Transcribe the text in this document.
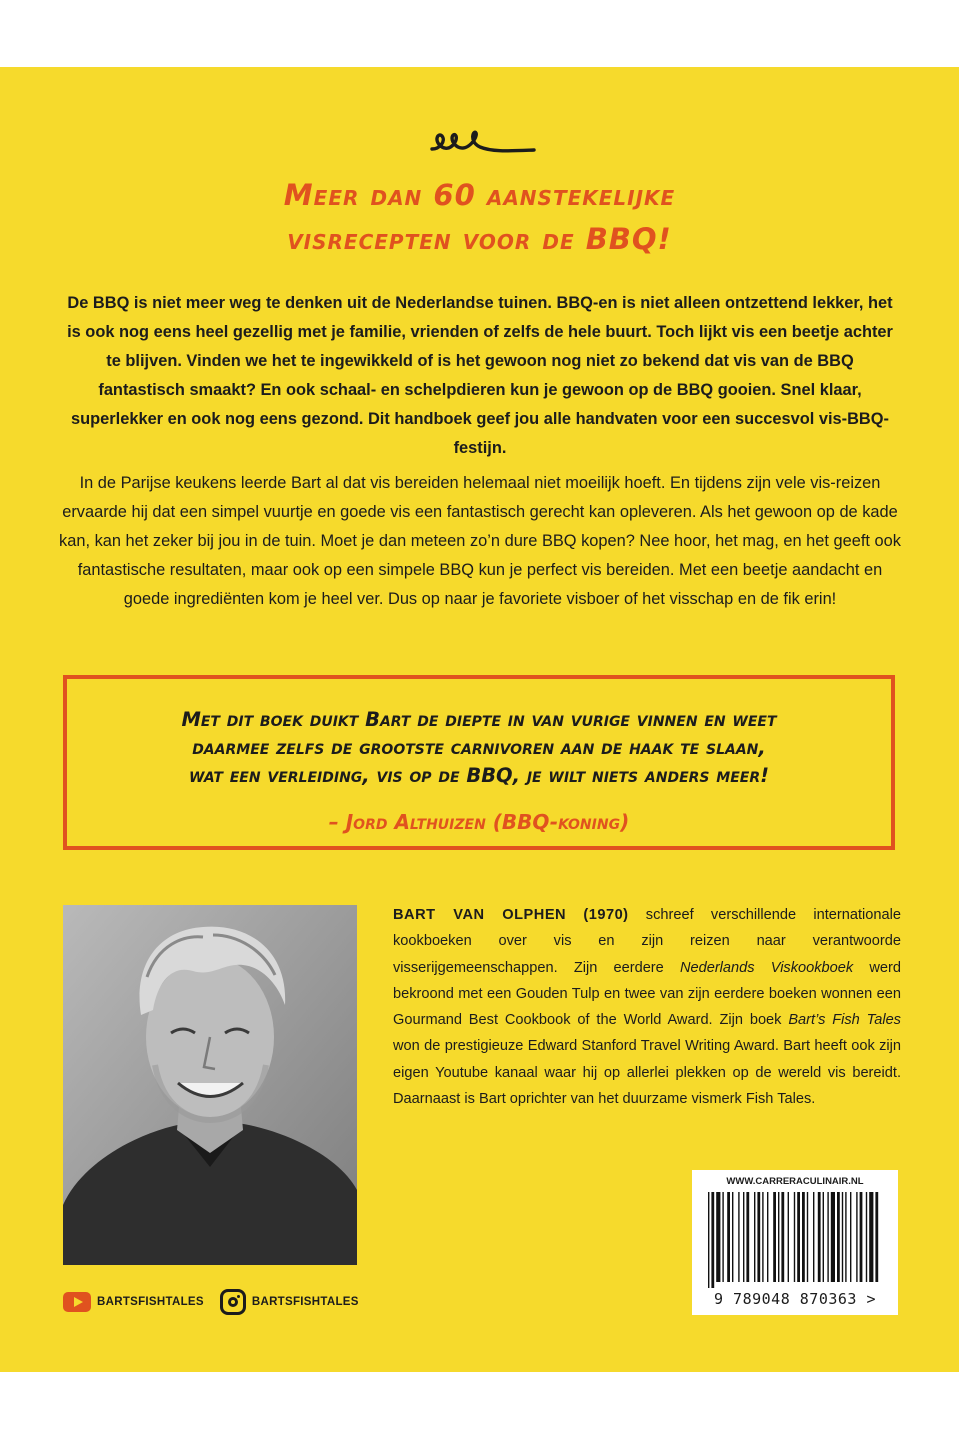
Meer dan 60 aanstekelijke
visrecepten voor de BBQ!

De BBQ is niet meer weg te denken uit de Nederlandse tuinen. BBQ-en is niet alleen ontzettend lekker, het is ook nog eens heel gezellig met je familie, vrienden of zelfs de hele buurt. Toch lijkt vis een beetje achter te blijven. Vinden we het te ingewikkeld of is het gewoon nog niet zo bekend dat vis van de BBQ fantastisch smaakt? En ook schaal- en schelpdieren kun je gewoon op de BBQ gooien. Snel klaar, superlekker en ook nog eens gezond. Dit handboek geef jou alle handvaten voor een succesvol vis-BBQ-festijn.

In de Parijse keukens leerde Bart al dat vis bereiden helemaal niet moeilijk hoeft. En tijdens zijn vele vis-reizen ervaarde hij dat een simpel vuurtje en goede vis een fantastisch gerecht kan opleveren. Als het gewoon op de kade kan, kan het zeker bij jou in de tuin. Moet je dan meteen zo’n dure BBQ kopen? Nee hoor, het mag, en het geeft ook fantastische resultaten, maar ook op een simpele BBQ kun je perfect vis bereiden. Met een beetje aandacht en goede ingrediënten kom je heel ver. Dus op naar je favoriete visboer of het visschap en de fik erin!

Met dit boek duikt Bart de diepte in van vurige vinnen en weet
daarmee zelfs de grootste carnivoren aan de haak te slaan,
wat een verleiding, vis op de BBQ, je wilt niets anders meer!

– Jord Althuizen (BBQ-koning)

BART VAN OLPHEN (1970) schreef verschillende internationale kookboeken over vis en zijn reizen naar verantwoorde visserijgemeenschappen. Zijn eerdere Nederlands Viskookboek werd bekroond met een Gouden Tulp en twee van zijn eerdere boeken wonnen een Gourmand Best Cookbook of the World Award. Zijn boek Bart’s Fish Tales won de prestigieuze Edward Stanford Travel Writing Award. Bart heeft ook zijn eigen Youtube kanaal waar hij op allerlei plekken op de wereld vis bereidt. Daarnaast is Bart oprichter van het duurzame vismerk Fish Tales.

BARTSFISHTALES	BARTSFISHTALES
WWW.CARRERACULINAIR.NL
9 789048 870363 >
